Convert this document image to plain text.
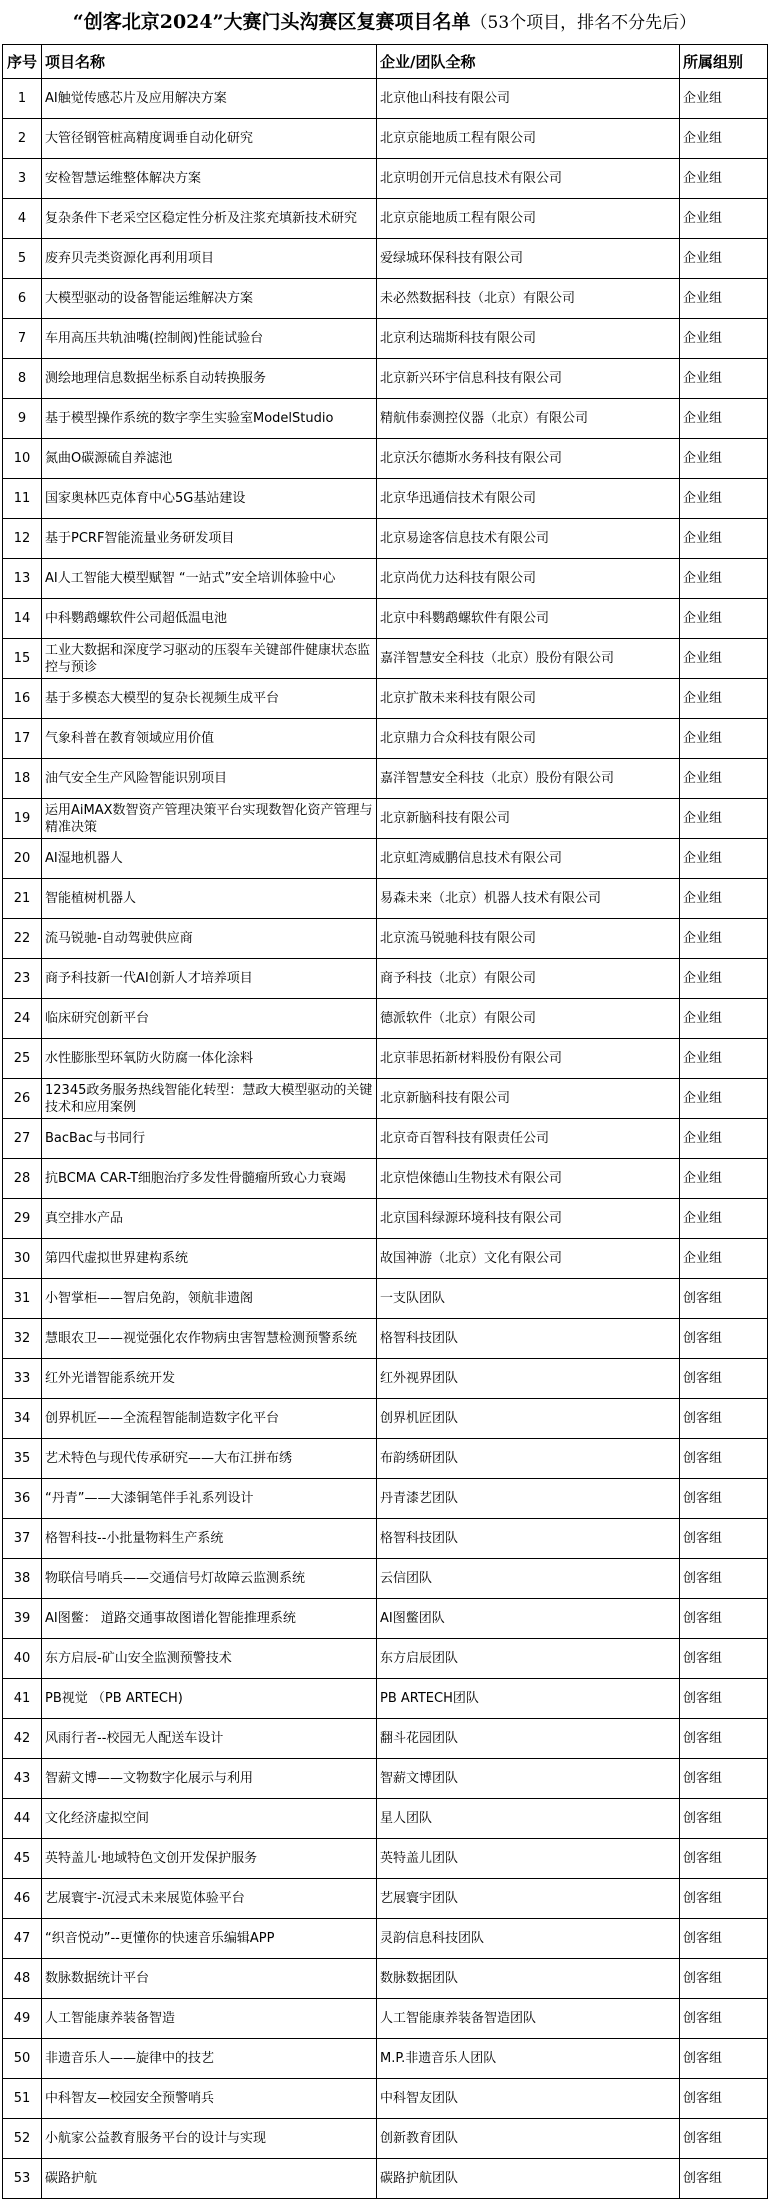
“创客北京2024”大赛门头沟赛区复赛项目名单（53个项目，排名不分先后）
序号	项目名称	企业/团队全称	所属组别
1	AI触觉传感芯片及应用解决方案	北京他山科技有限公司	企业组
2	大管径钢管桩高精度调垂自动化研究	北京京能地质工程有限公司	企业组
3	安检智慧运维整体解决方案	北京明创开元信息技术有限公司	企业组
4	复杂条件下老采空区稳定性分析及注浆充填新技术研究	北京京能地质工程有限公司	企业组
5	废弃贝壳类资源化再利用项目	爱绿城环保科技有限公司	企业组
6	大模型驱动的设备智能运维解决方案	未必然数据科技（北京）有限公司	企业组
7	车用高压共轨油嘴(控制阀)性能试验台	北京利达瑞斯科技有限公司	企业组
8	测绘地理信息数据坐标系自动转换服务	北京新兴环宇信息科技有限公司	企业组
9	基于模型操作系统的数字孪生实验室ModelStudio	精航伟泰测控仪器（北京）有限公司	企业组
10	氮曲O碳源硫自养滤池	北京沃尔德斯水务科技有限公司	企业组
11	国家奥林匹克体育中心5G基站建设	北京华迅通信技术有限公司	企业组
12	基于PCRF智能流量业务研发项目	北京易途客信息技术有限公司	企业组
13	AI人工智能大模型赋智 “一站式”安全培训体验中心	北京尚优力达科技有限公司	企业组
14	中科鹦鹉螺软件公司超低温电池	北京中科鹦鹉螺软件有限公司	企业组
15	工业大数据和深度学习驱动的压裂车关键部件健康状态监控与预诊	嘉洋智慧安全科技（北京）股份有限公司	企业组
16	基于多模态大模型的复杂长视频生成平台	北京扩散未来科技有限公司	企业组
17	气象科普在教育领域应用价值	北京鼎力合众科技有限公司	企业组
18	油气安全生产风险智能识别项目	嘉洋智慧安全科技（北京）股份有限公司	企业组
19	运用AiMAX数智资产管理决策平台实现数智化资产管理与精准决策	北京新脑科技有限公司	企业组
20	AI湿地机器人	北京虹湾威鹏信息技术有限公司	企业组
21	智能植树机器人	易森未来（北京）机器人技术有限公司	企业组
22	流马锐驰-自动驾驶供应商	北京流马锐驰科技有限公司	企业组
23	商予科技新一代AI创新人才培养项目	商予科技（北京）有限公司	企业组
24	临床研究创新平台	德派软件（北京）有限公司	企业组
25	水性膨胀型环氧防火防腐一体化涂料	北京菲思拓新材料股份有限公司	企业组
26	12345政务服务热线智能化转型：慧政大模型驱动的关键技术和应用案例	北京新脑科技有限公司	企业组
27	BacBac与书同行	北京奇百智科技有限责任公司	企业组
28	抗BCMA CAR-T细胞治疗多发性骨髓瘤所致心力衰竭	北京恺倈德山生物技术有限公司	企业组
29	真空排水产品	北京国科绿源环境科技有限公司	企业组
30	第四代虚拟世界建构系统	故国神游（北京）文化有限公司	企业组
31	小智掌柜——智启免韵，领航非遗阁	一支队团队	创客组
32	慧眼农卫——视觉强化农作物病虫害智慧检测预警系统	格智科技团队	创客组
33	红外光谱智能系统开发	红外视界团队	创客组
34	创界机匠——全流程智能制造数字化平台	创界机匠团队	创客组
35	艺术特色与现代传承研究——大布江拼布绣	布韵绣研团队	创客组
36	“丹青”——大漆铜笔伴手礼系列设计	丹青漆艺团队	创客组
37	格智科技--小批量物料生产系统	格智科技团队	创客组
38	物联信号哨兵——交通信号灯故障云监测系统	云信团队	创客组
39	AI图鳖： 道路交通事故图谱化智能推理系统	AI图鳖团队	创客组
40	东方启辰-矿山安全监测预警技术	东方启辰团队	创客组
41	PB视觉 （PB ARTECH)	PB ARTECH团队	创客组
42	风雨行者--校园无人配送车设计	翻斗花园团队	创客组
43	智薪文博——文物数字化展示与利用	智薪文博团队	创客组
44	文化经济虚拟空间	星人团队	创客组
45	英特盖儿·地域特色文创开发保护服务	英特盖儿团队	创客组
46	艺展寰宇-沉浸式未来展览体验平台	艺展寰宇团队	创客组
47	“织音悦动”--更懂你的快速音乐编辑APP	灵韵信息科技团队	创客组
48	数脉数据统计平台	数脉数据团队	创客组
49	人工智能康养装备智造	人工智能康养装备智造团队	创客组
50	非遗音乐人——旋律中的技艺	M.P.非遗音乐人团队	创客组
51	中科智友—校园安全预警哨兵	中科智友团队	创客组
52	小航家公益教育服务平台的设计与实现	创新教育团队	创客组
53	碳路护航	碳路护航团队	创客组
